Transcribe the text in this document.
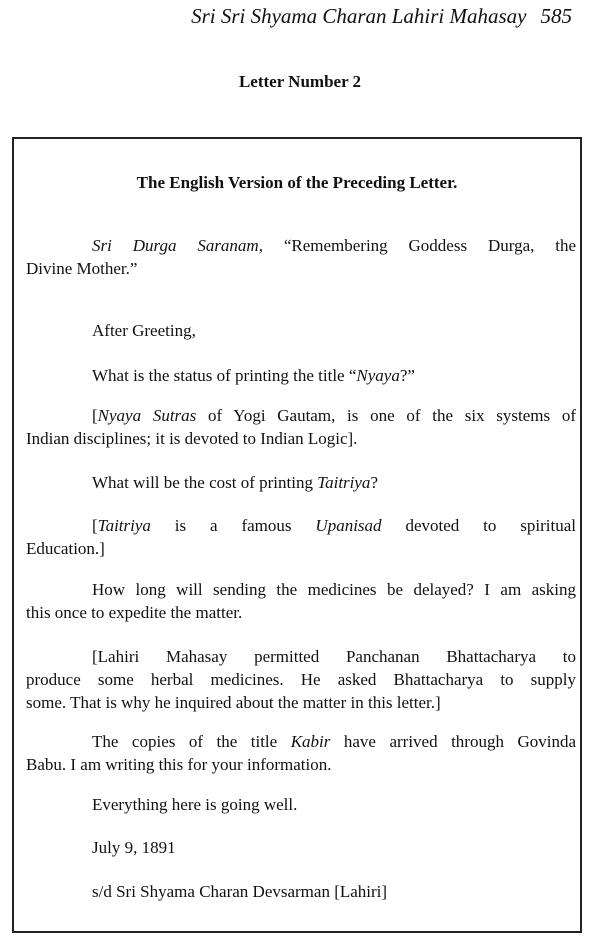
Sri Sri Shyama Charan Lahiri Mahasay 585
Letter Number 2
The English Version of the Preceding Letter.
Sri Durga Saranam, “Remembering Goddess Durga, the
Divine Mother.”
After Greeting,
What is the status of printing the title “Nyaya?”
[Nyaya Sutras of Yogi Gautam, is one of the six systems of
Indian disciplines; it is devoted to Indian Logic].
What will be the cost of printing Taitriya?
[Taitriya is a famous Upanisad devoted to spiritual
Education.]
How long will sending the medicines be delayed? I am asking
this once to expedite the matter.
[Lahiri Mahasay permitted Panchanan Bhattacharya to
produce some herbal medicines. He asked Bhattacharya to supply
some. That is why he inquired about the matter in this letter.]
The copies of the title Kabir have arrived through Govinda
Babu. I am writing this for your information.
Everything here is going well.
July 9, 1891
s/d Sri Shyama Charan Devsarman [Lahiri]
